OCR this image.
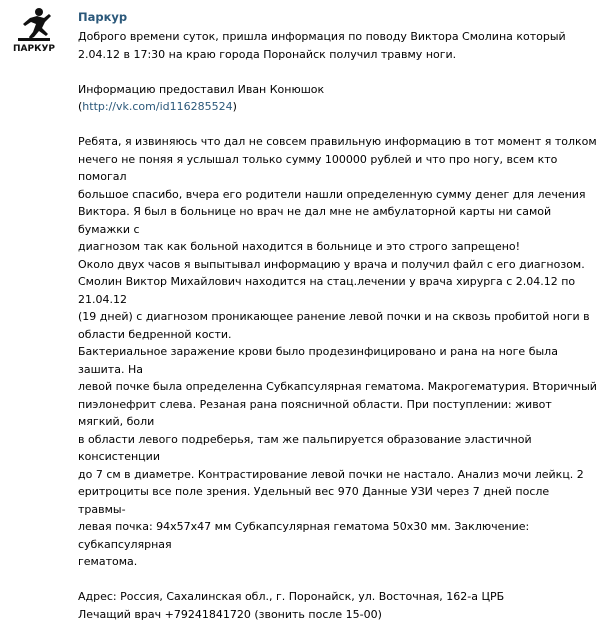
ПАРКУР
Паркур

Доброго времени суток, пришла информация по поводу Виктора Смолина который 2.04.12 в 17:30 на краю города Поронайск получил травму ноги.

Информацию предоставил Иван Конюшок

(http://vk.com/id116285524)

Ребята, я извиняюсь что дал не совсем правильную информацию в тот момент я толком
нечего не поняя я услышал только сумму 100000 рублей и что про ногу, всем кто помогал
большое спасибо, вчера его родители нашли определенную сумму денег для лечения
Виктора. Я был в больнице но врач не дал мне не амбулаторной карты ни самой бумажки с
диагнозом так как больной находится в больнице и это строго запрещено!
Около двух часов я выпытывал информацию у врача и получил файл с его диагнозом.
Смолин Виктор Михайлович находится на стац.лечении у врача хирурга с 2.04.12 по 21.04.12
(19 дней) с диагнозом проникающее ранение левой почки и на сквозь пробитой ноги в
области бедренной кости.
Бактериальное заражение крови было продезинфицировано и рана на ноге была зашита. На
левой почке была определенна Субкапсулярная гематома. Макрогематурия. Вторичный
пиэлонефрит слева. Резаная рана поясничной области. При поступлении: живот мягкий, боли
в области левого подреберья, там же пальпируется образование эластичной консистенции
до 7 см в диаметре. Контрастирование левой почки не настало. Анализ мочи лейкц. 2
еритроциты все поле зрения. Удельный вес 970 Данные УЗИ через 7 дней после травмы-
левая почка: 94х57х47 мм Субкапсулярная гематома 50х30 мм. Заключение: субкапсулярная
гематома.

Адрес: Россия, Сахалинская обл., г. Поронайск, ул. Восточная, 162-а ЦРБ

Лечащий врач +79241841720 (звонить после 15-00)
